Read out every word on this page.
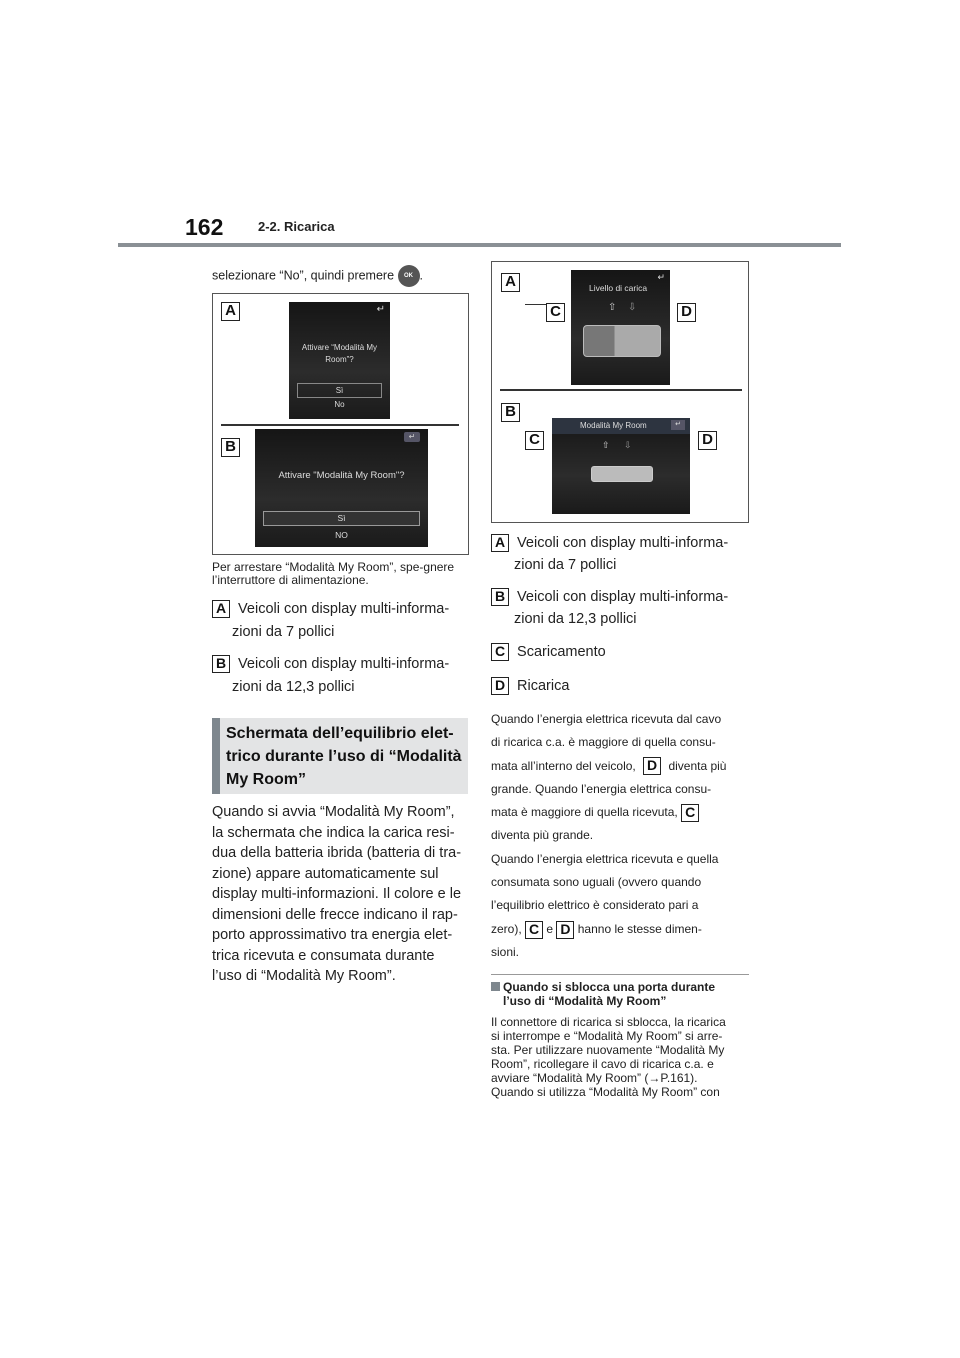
162	2-2. Ricarica
selezionare “No”, quindi premere OK .
A	↵
Attivare “Modalità My Room”?
Sì
No
B
↵
Attivare "Modalità My Room"?
Sì
NO
Per arrestare “Modalità My Room”, spe-gnere l’interruttore di alimentazione.
A Veicoli con display multi-informa-
zioni da 7 pollici
B Veicoli con display multi-informa-
zioni da 12,3 pollici
Schermata dell’equilibrio elet-trico durante l’uso di “Modalità My Room”
Quando si avvia “Modalità My Room”,
la schermata che indica la carica resi-
dua della batteria ibrida (batteria di tra-
zione) appare automaticamente sul
display multi-informazioni. Il colore e le
dimensioni delle frecce indicano il rap-
porto approssimativo tra energia elet-
trica ricevuta e consumata durante
l’uso di “Modalità My Room”.
A	↵
Livello di carica
⇧ ⇩
C	D
B
Modalità My Room	↵
⇧ ⇩
C	D
A Veicoli con display multi-informa-
zioni da 7 pollici
B Veicoli con display multi-informa-
zioni da 12,3 pollici
C Scaricamento
D Ricarica
Quando l’energia elettrica ricevuta dal cavo
di ricarica c.a. è maggiore di quella consu-
mata all’interno del veicolo, D diventa più
grande. Quando l’energia elettrica consu-
mata è maggiore di quella ricevuta, C
diventa più grande.
Quando l’energia elettrica ricevuta e quella
consumata sono uguali (ovvero quando
l’equilibrio elettrico è considerato pari a
zero), C e D hanno le stesse dimen-
sioni.
Quando si sblocca una porta durante
l’uso di “Modalità My Room”
Il connettore di ricarica si sblocca, la ricarica
si interrompe e “Modalità My Room” si arre-
sta. Per utilizzare nuovamente “Modalità My
Room”, ricollegare il cavo di ricarica c.a. e
avviare “Modalità My Room” (→P.161).
Quando si utilizza “Modalità My Room” con
